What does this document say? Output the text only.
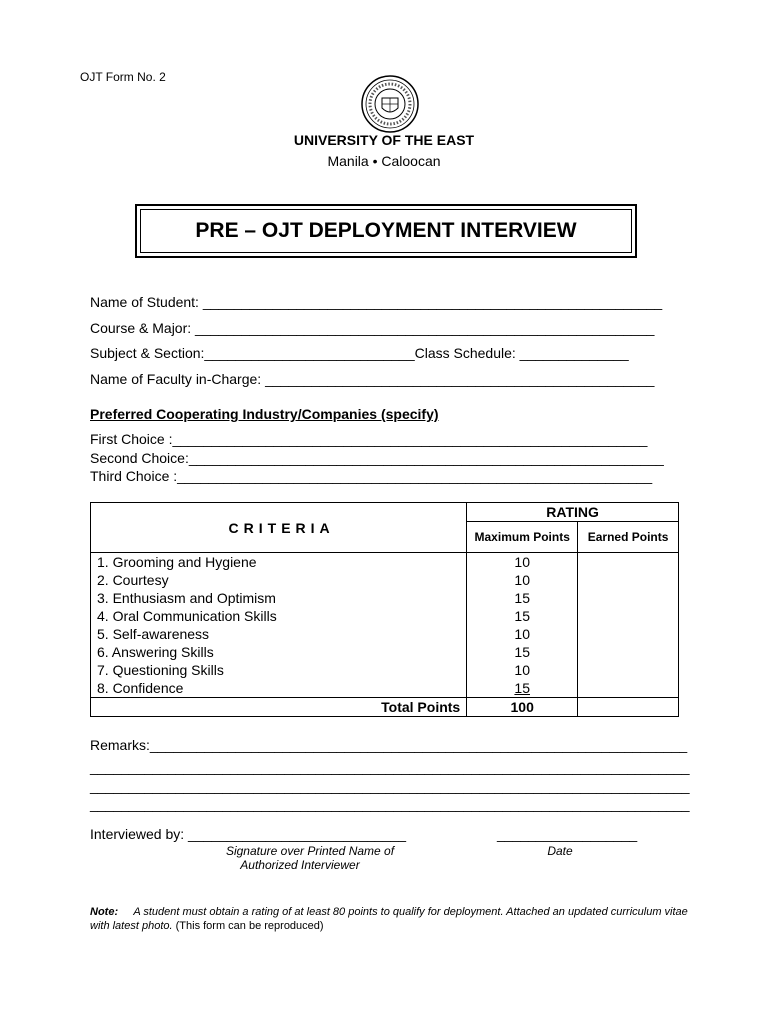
OJT Form No. 2
UNIVERSITY OF THE EAST
Manila • Caloocan
PRE – OJT DEPLOYMENT INTERVIEW
Name of Student: ___________________________________________________________
Course & Major: ___________________________________________________________
Subject & Section:___________________________Class Schedule: ______________
Name of Faculty in-Charge: __________________________________________________
Preferred Cooperating Industry/Companies (specify)
First Choice :_____________________________________________________________
Second Choice:_____________________________________________________________
Third Choice :_____________________________________________________________
CRITERIA	RATING	
	Maximum Points	Earned Points
1. Grooming and Hygiene	10	
2. Courtesy	10	
3. Enthusiasm and Optimism	15	
4. Oral Communication Skills	15	
5. Self-awareness	10	
6. Answering Skills	15	
7. Questioning Skills	10	
8. Confidence	15	
Total Points	100	
Remarks:_____________________________________________________________________
_____________________________________________________________________________
_____________________________________________________________________________
_____________________________________________________________________________
Interviewed by: ____________________________	__________________
Signature over Printed Name of
Authorized Interviewer
Date
Note: A student must obtain a rating of at least 80 points to qualify for deployment. Attached an updated curriculum vitae with latest photo. (This form can be reproduced)
